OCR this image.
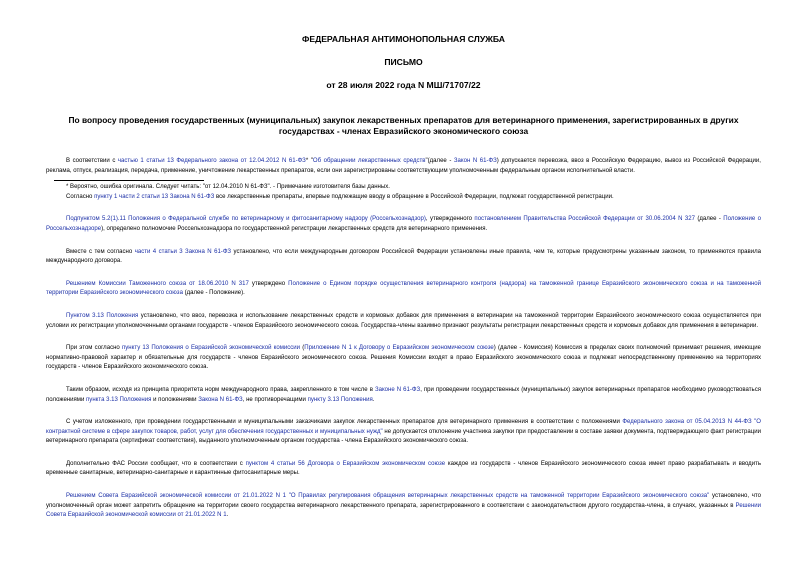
ФЕДЕРАЛЬНАЯ АНТИМОНОПОЛЬНАЯ СЛУЖБА
ПИСЬМО
от 28 июля 2022 года N МШ/71707/22
По вопросу проведения государственных (муниципальных) закупок лекарственных препаратов для ветеринарного применения, зарегистрированных в других государствах - членах Евразийского экономического союза

В соответствии с частью 1 статьи 13 Федерального закона от 12.04.2012 N 61-ФЗ* "Об обращении лекарственных средств"(далее - Закон N 61-ФЗ) допускается перевозка, ввоз в Российскую Федерацию, вывоз из Российской Федерации, реклама, отпуск, реализация, передача, применение, уничтожение лекарственных препаратов, если они зарегистрированы соответствующим уполномоченным федеральным органом исполнительной власти.

* Вероятно, ошибка оригинала. Следует читать: "от 12.04.2010 N 61-ФЗ". - Примечание изготовителя базы данных.

Согласно пункту 1 части 2 статьи 13 Закона N 61-ФЗ все лекарственные препараты, впервые подлежащие вводу в обращение в Российской Федерации, подлежат государственной регистрации.

Подпунктом 5.2(1).11 Положения о Федеральной службе по ветеринарному и фитосанитарному надзору (Россельхознадзор), утвержденного постановлением Правительства Российской Федерации от 30.06.2004 N 327 (далее - Положение о Россельхознадзоре), определено полномочие Россельхознадзора по государственной регистрации лекарственных средств для ветеринарного применения.

Вместе с тем согласно части 4 статьи 3 Закона N 61-ФЗ установлено, что если международным договором Российской Федерации установлены иные правила, чем те, которые предусмотрены указанным законом, то применяются правила международного договора.

Решением Комиссии Таможенного союза от 18.06.2010 N 317 утверждено Положение о Едином порядке осуществления ветеринарного контроля (надзора) на таможенной границе Евразийского экономического союза и на таможенной территории Евразийского экономического союза (далее - Положение).

Пунктом 3.13 Положения установлено, что ввоз, перевозка и использование лекарственных средств и кормовых добавок для применения в ветеринарии на таможенной территории Евразийского экономического союза осуществляется при условии их регистрации уполномоченными органами государств - членов Евразийского экономического союза. Государства-члены взаимно признают результаты регистрации лекарственных средств и кормовых добавок для применения в ветеринарии.

При этом согласно пункту 13 Положения о Евразийской экономической комиссии (Приложение N 1 к Договору о Евразийском экономическом союзе) (далее - Комиссия) Комиссия в пределах своих полномочий принимает решения, имеющие нормативно-правовой характер и обязательные для государств - членов Евразийского экономического союза. Решения Комиссии входят в право Евразийского экономического союза и подлежат непосредственному применению на территориях государств - членов Евразийского экономического союза.

Таким образом, исходя из принципа приоритета норм международного права, закрепленного в том числе в Законе N 61-ФЗ, при проведении государственных (муниципальных) закупок ветеринарных препаратов необходимо руководствоваться положениями пункта 3.13 Положения и положениями Закона N 61-ФЗ, не противоречащими пункту 3.13 Положения.

С учетом изложенного, при проведении государственными и муниципальными заказчиками закупок лекарственных препаратов для ветеринарного применения в соответствии с положениями Федерального закона от 05.04.2013 N 44-ФЗ "О контрактной системе в сфере закупок товаров, работ, услуг для обеспечения государственных и муниципальных нужд" не допускается отклонение участника закупки при предоставлении в составе заявки документа, подтверждающего факт регистрации ветеринарного препарата (сертификат соответствия), выданного уполномоченным органом государства - члена Евразийского экономического союза.

Дополнительно ФАС России сообщает, что в соответствии с пунктом 4 статьи 56 Договора о Евразийском экономическом союзе каждое из государств - членов Евразийского экономического союза имеет право разрабатывать и вводить временные санитарные, ветеринарно-санитарные и карантинные фитосанитарные меры.

Решением Совета Евразийской экономической комиссии от 21.01.2022 N 1 "О Правилах регулирования обращения ветеринарных лекарственных средств на таможенной территории Евразийского экономического союза" установлено, что уполномоченный орган может запретить обращение на территории своего государства ветеринарного лекарственного препарата, зарегистрированного в соответствии с законодательством другого государства-члена, в случаях, указанных в Решении Совета Евразийской экономической комиссии от 21.01.2022 N 1.
